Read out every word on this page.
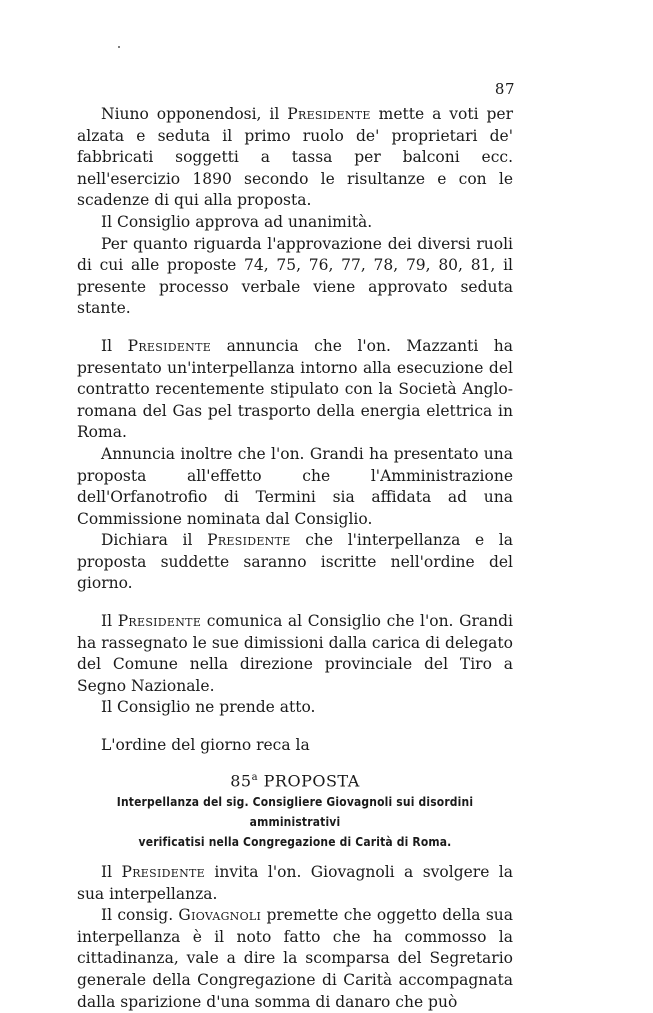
87

Niuno opponendosi, il Presidente mette a voti per alzata e seduta il primo ruolo de' proprietari de' fabbricati soggetti a tassa per balconi ecc. nell'esercizio 1890 secondo le risultanze e con le scadenze di qui alla proposta.

Il Consiglio approva ad unanimità.

Per quanto riguarda l'approvazione dei diversi ruoli di cui alle proposte 74, 75, 76, 77, 78, 79, 80, 81, il presente processo verbale viene approvato seduta stante.

Il Presidente annuncia che l'on. Mazzanti ha presentato un'interpellanza intorno alla esecuzione del contratto recentemente stipulato con la Società Anglo-romana del Gas pel trasporto della energia elettrica in Roma.

Annuncia inoltre che l'on. Grandi ha presentato una proposta all'effetto che l'Amministrazione dell'Orfanotrofio di Termini sia affidata ad una Commissione nominata dal Consiglio.

Dichiara il Presidente che l'interpellanza e la proposta suddette saranno iscritte nell'ordine del giorno.

Il Presidente comunica al Consiglio che l'on. Grandi ha rassegnato le sue dimissioni dalla carica di delegato del Comune nella direzione provinciale del Tiro a Segno Nazionale.

Il Consiglio ne prende atto.

L'ordine del giorno reca la

85$^a$ PROPOSTA

Interpellanza del sig. Consigliere Giovagnoli sui disordini amministrativi

verificatisi nella Congregazione di Carità di Roma.

Il Presidente invita l'on. Giovagnoli a svolgere la sua interpellanza.

Il consig. Giovagnoli premette che oggetto della sua interpellanza è il noto fatto che ha commosso la cittadinanza, vale a dire la scomparsa del Segretario generale della Congregazione di Carità accompagnata dalla sparizione d'una somma di danaro che può
